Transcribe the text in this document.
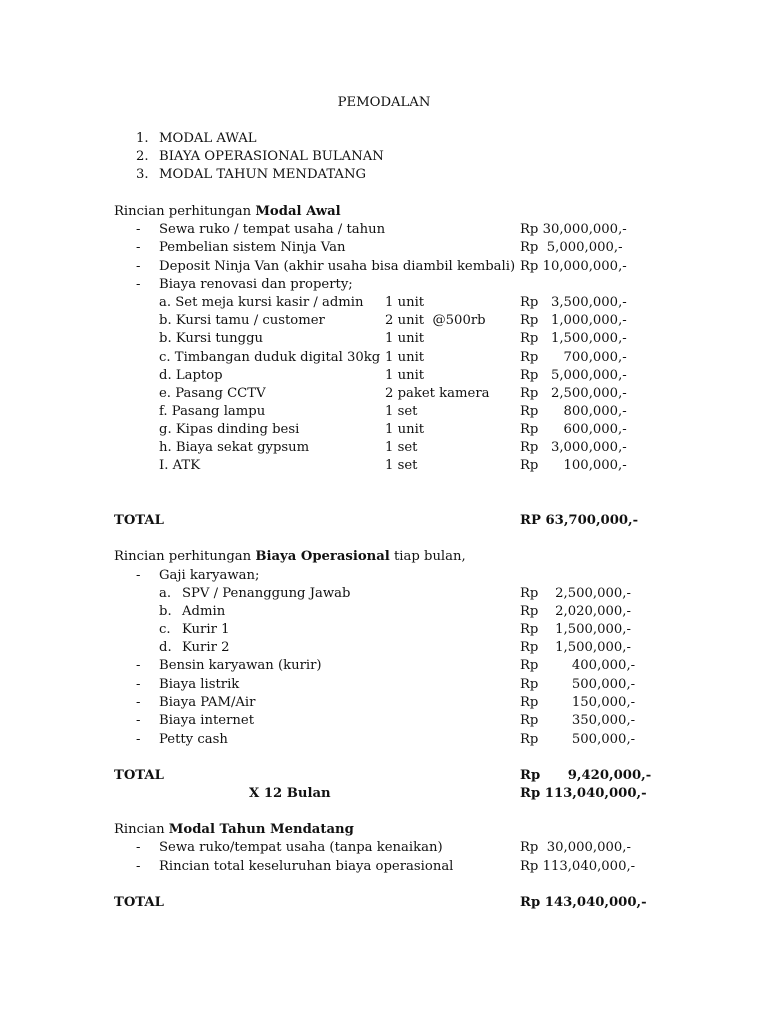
PEMODALAN
1. MODAL AWAL
2. BIAYA OPERASIONAL BULANAN
3. MODAL TAHUN MENDATANG
Rincian perhitungan Modal Awal
- Sewa ruko / tempat usaha / tahun	Rp 30,000,000,-
- Pembelian sistem Ninja Van	Rp  5,000,000,-
- Deposit Ninja Van (akhir usaha bisa diambil kembali) Rp 10,000,000,-
- Biaya renovasi dan property;
a. Set meja kursi kasir / admin 1 unit	Rp   3,500,000,-
b. Kursi tamu / customer	2 unit  @500rb	Rp   1,000,000,-
b. Kursi tunggu	1 unit	Rp   1,500,000,-
c. Timbangan duduk digital 30kg 1 unit	Rp      700,000,-
d. Laptop	1 unit	Rp   5,000,000,-
e. Pasang CCTV	2 paket kamera Rp   2,500,000,-
f. Pasang lampu	1 set	Rp      800,000,-
g. Kipas dinding besi	1 unit	Rp      600,000,-
h. Biaya sekat gypsum	1 set	Rp   3,000,000,-
I. ATK	1 set	Rp      100,000,-
TOTAL	RP 63,700,000,-
Rincian perhitungan Biaya Operasional tiap bulan,
- Gaji karyawan;
a. SPV / Penanggung Jawab	Rp    2,500,000,-
b. Admin	Rp    2,020,000,-
c. Kurir 1	Rp    1,500,000,-
d. Kurir 2	Rp    1,500,000,-
- Bensin karyawan (kurir)	Rp        400,000,-
- Biaya listrik	Rp        500,000,-
- Biaya PAM/Air	Rp        150,000,-
- Biaya internet	Rp        350,000,-
- Petty cash	Rp        500,000,-
TOTAL	Rp      9,420,000,-
X 12 Bulan	Rp 113,040,000,-
Rincian Modal Tahun Mendatang
- Sewa ruko/tempat usaha (tanpa kenaikan)	Rp  30,000,000,-
- Rincian total keseluruhan biaya operasional	Rp 113,040,000,-
TOTAL	Rp 143,040,000,-
